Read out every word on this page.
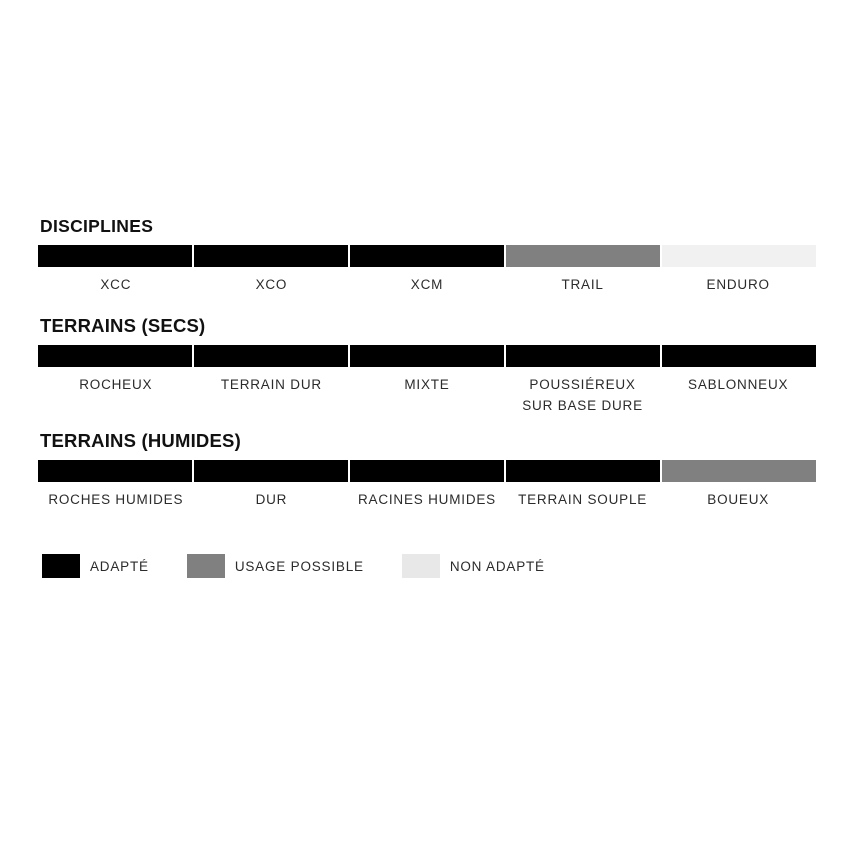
DISCIPLINES
XCC	XCO	XCM	TRAIL	ENDURO
TERRAINS (SECS)
ROCHEUX	TERRAIN DUR	MIXTE	POUSSIÉREUX
SUR BASE DURE
SABLONNEUX
TERRAINS (HUMIDES)
ROCHES HUMIDES	DUR	RACINES HUMIDES	TERRAIN SOUPLE	BOUEUX
ADAPTÉ	USAGE POSSIBLE	NON ADAPTÉ
